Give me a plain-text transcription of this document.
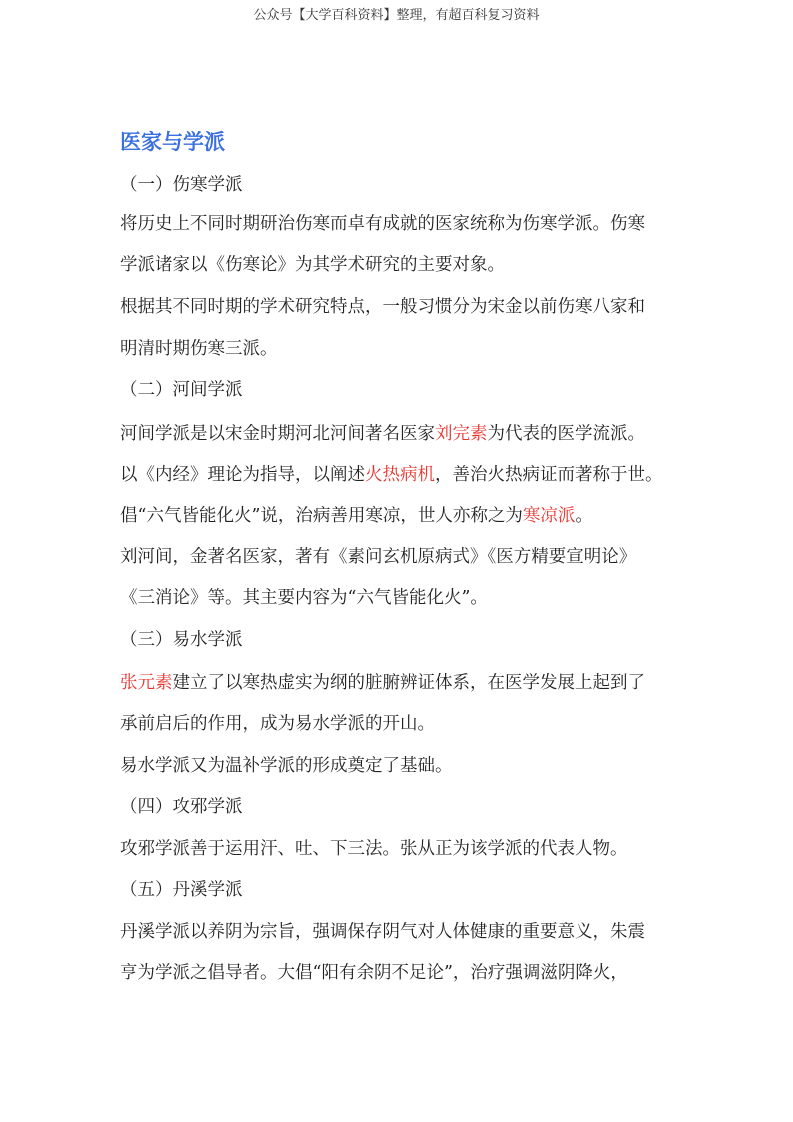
公众号【大学百科资料】整理，有超百科复习资料
医家与学派
（一）伤寒学派
将历史上不同时期研治伤寒而卓有成就的医家统称为伤寒学派。伤寒
学派诸家以《伤寒论》为其学术研究的主要对象。
根据其不同时期的学术研究特点，一般习惯分为宋金以前伤寒八家和
明清时期伤寒三派。
（二）河间学派
河间学派是以宋金时期河北河间著名医家刘完素为代表的医学流派。
以《内经》理论为指导，以阐述火热病机，善治火热病证而著称于世。
倡“六气皆能化火”说，治病善用寒凉，世人亦称之为寒凉派。
刘河间，金著名医家，著有《素问玄机原病式》《医方精要宣明论》
《三消论》等。其主要内容为“六气皆能化火”。
（三）易水学派
张元素建立了以寒热虚实为纲的脏腑辨证体系，在医学发展上起到了
承前启后的作用，成为易水学派的开山。
易水学派又为温补学派的形成奠定了基础。
（四）攻邪学派
攻邪学派善于运用汗、吐、下三法。张从正为该学派的代表人物。
（五）丹溪学派
丹溪学派以养阴为宗旨，强调保存阴气对人体健康的重要意义，朱震
亨为学派之倡导者。大倡“阳有余阴不足论”，治疗强调滋阴降火，
